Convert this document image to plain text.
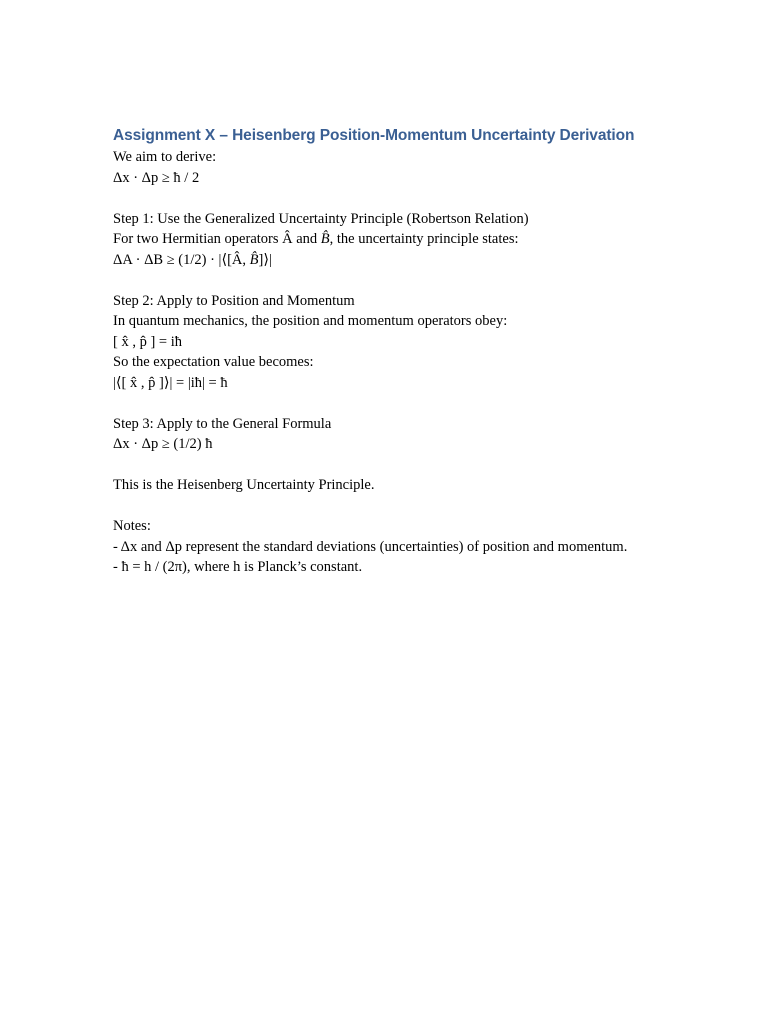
Assignment X – Heisenberg Position-Momentum Uncertainty Derivation
We aim to derive:
Δx · Δp ≥ ħ / 2
Step 1: Use the Generalized Uncertainty Principle (Robertson Relation)
For two Hermitian operators Â and B̂, the uncertainty principle states:
ΔA · ΔB ≥ (1/2) · |⟨[Â, B̂]⟩|
Step 2: Apply to Position and Momentum
In quantum mechanics, the position and momentum operators obey:
[ x̂ , p̂ ] = iħ
So the expectation value becomes:
|⟨[ x̂ , p̂ ]⟩| = |iħ| = ħ
Step 3: Apply to the General Formula
Δx · Δp ≥ (1/2) ħ
This is the Heisenberg Uncertainty Principle.
Notes:
- Δx and Δp represent the standard deviations (uncertainties) of position and momentum.
- ħ = h / (2π), where h is Planck’s constant.
